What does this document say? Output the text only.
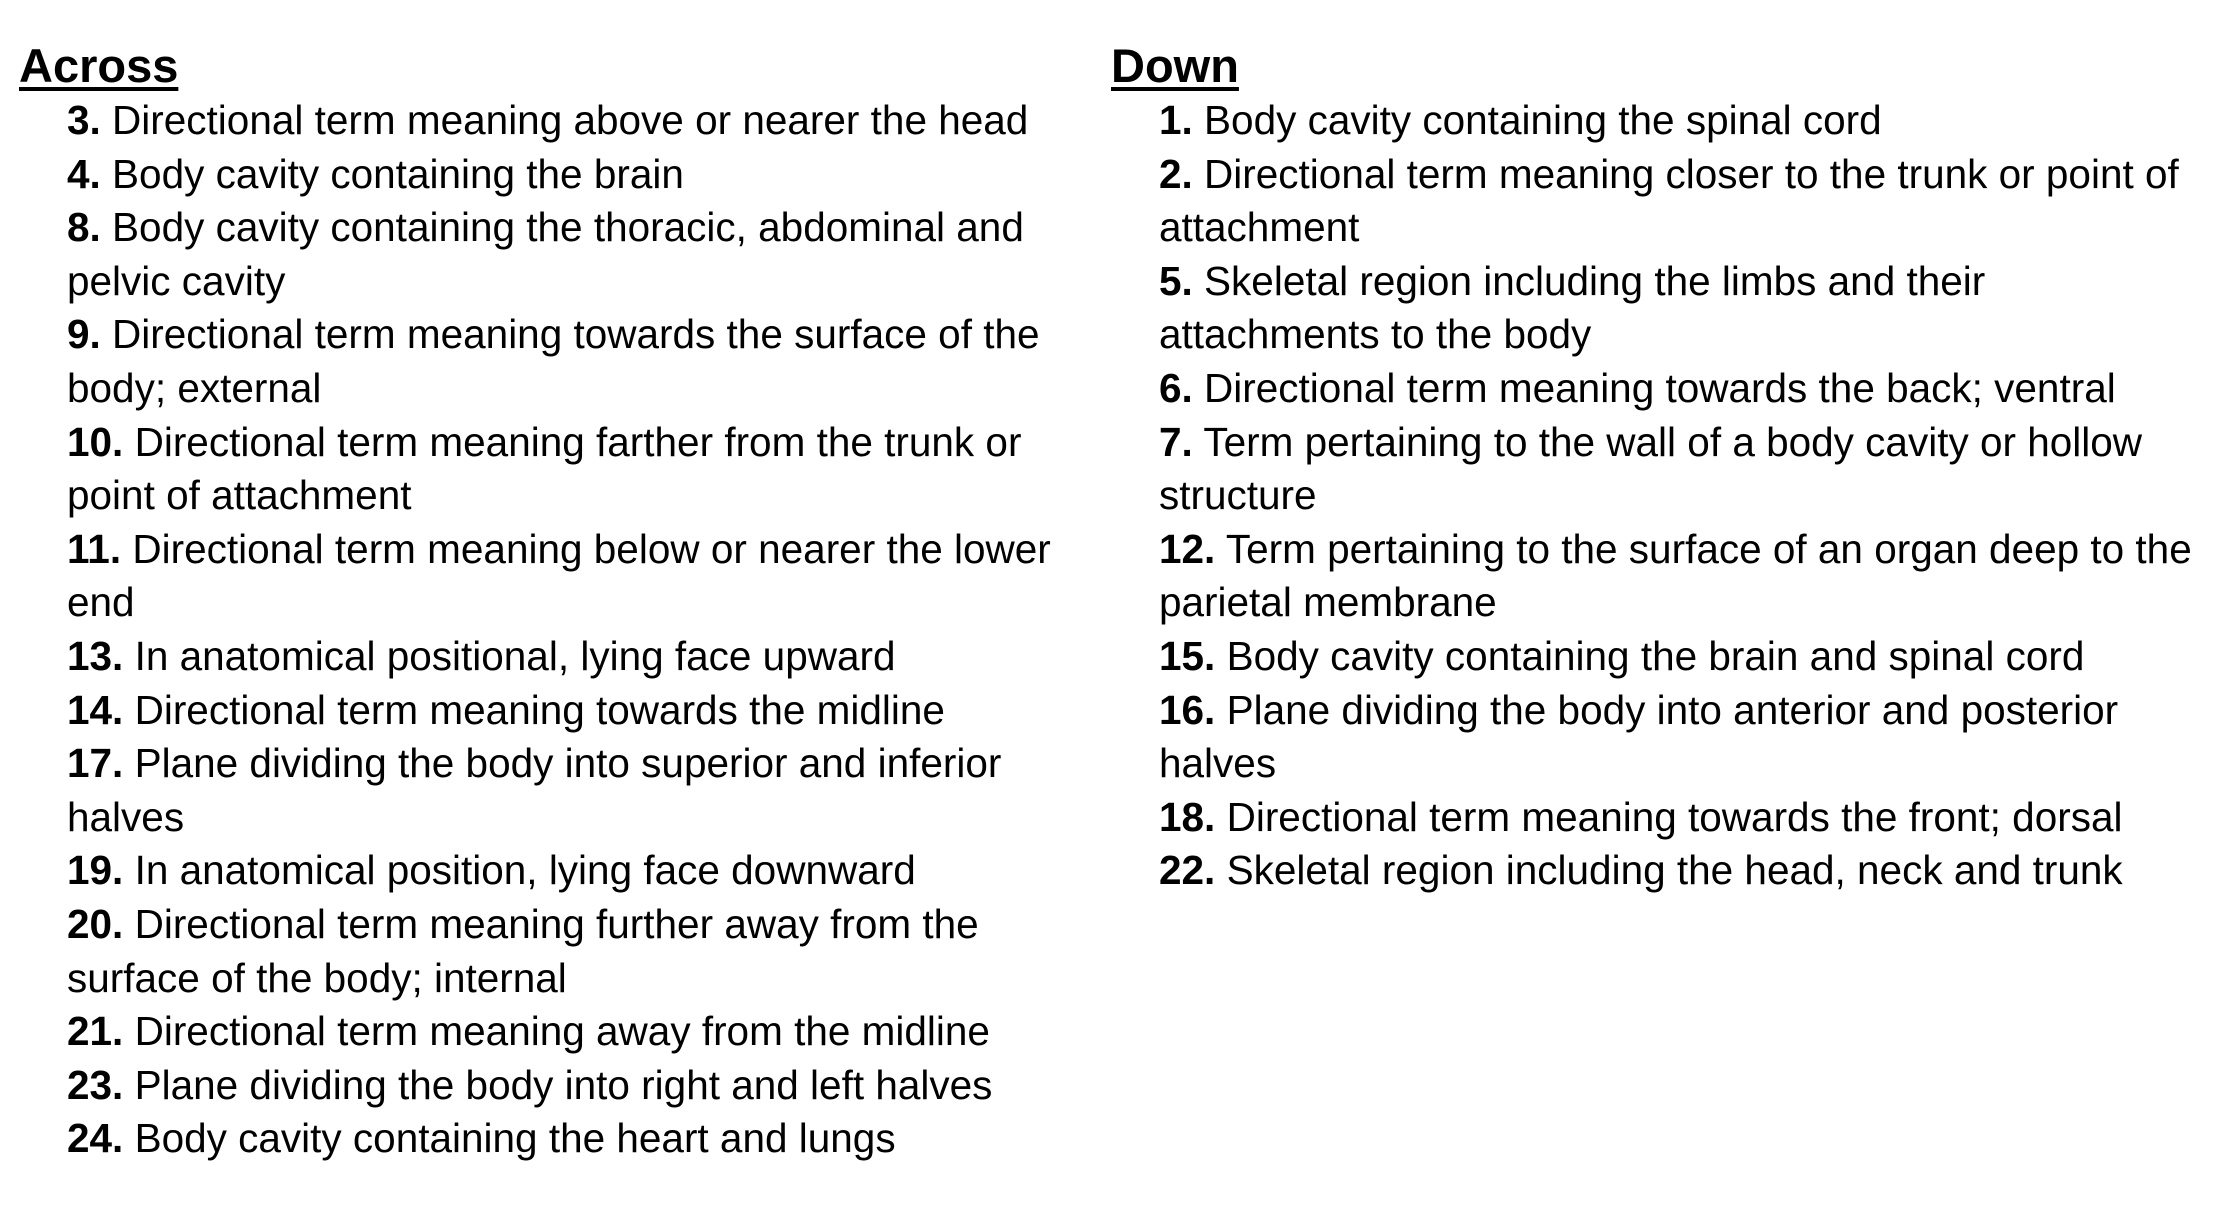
Across
3. Directional term meaning above or nearer the head
4. Body cavity containing the brain
8. Body cavity containing the thoracic, abdominal and pelvic cavity
9. Directional term meaning towards the surface of the body; external
10. Directional term meaning farther from the trunk or point of attachment
11. Directional term meaning below or nearer the lower end
13. In anatomical positional, lying face upward
14. Directional term meaning towards the midline
17. Plane dividing the body into superior and inferior halves
19. In anatomical position, lying face downward
20. Directional term meaning further away from the surface of the body; internal
21. Directional term meaning away from the midline
23. Plane dividing the body into right and left halves
24. Body cavity containing the heart and lungs
Down
1. Body cavity containing the spinal cord
2. Directional term meaning closer to the trunk or point of attachment
5. Skeletal region including the limbs and their attachments to the body
6. Directional term meaning towards the back; ventral
7. Term pertaining to the wall of a body cavity or hollow structure
12. Term pertaining to the surface of an organ deep to the parietal membrane
15. Body cavity containing the brain and spinal cord
16. Plane dividing the body into anterior and posterior halves
18. Directional term meaning towards the front; dorsal
22. Skeletal region including the head, neck and trunk
